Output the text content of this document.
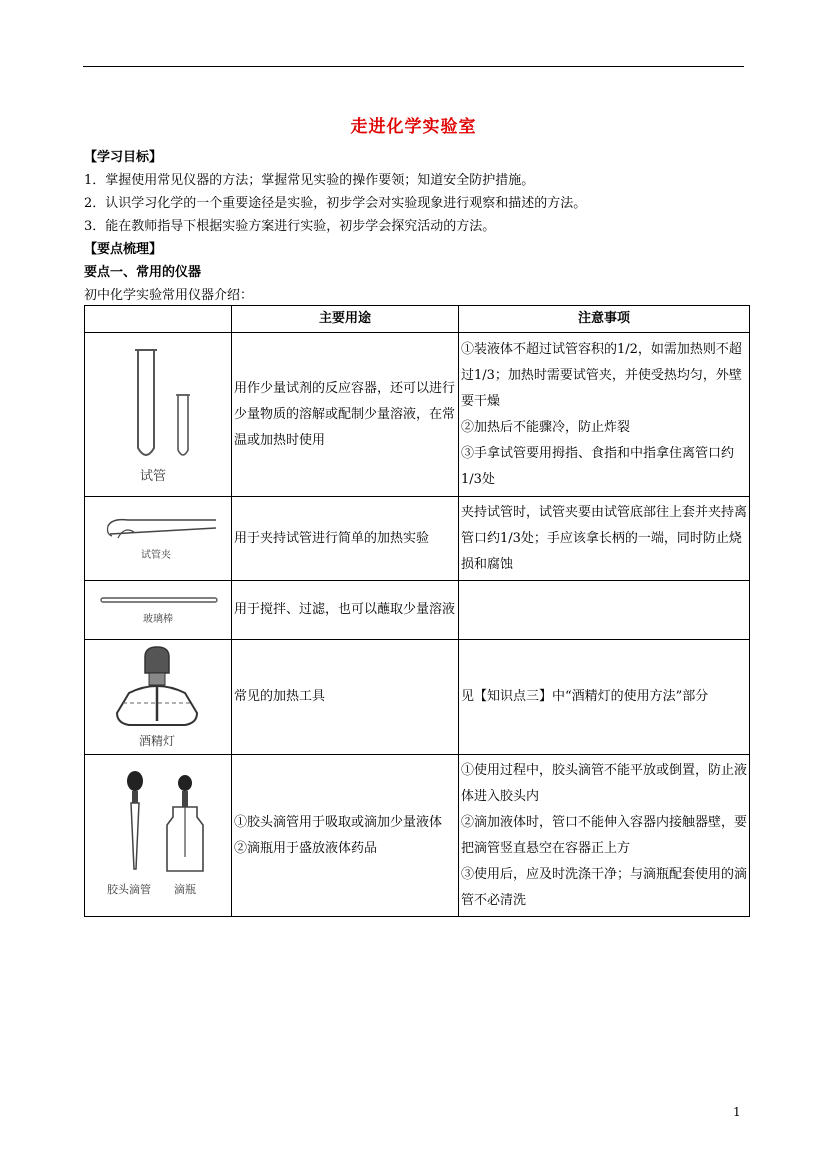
走进化学实验室
【学习目标】
1．掌握使用常见仪器的方法；掌握常见实验的操作要领；知道安全防护措施。
2．认识学习化学的一个重要途径是实验，初步学会对实验现象进行观察和描述的方法。
3．能在教师指导下根据实验方案进行实验，初步学会探究活动的方法。
【要点梳理】
要点一、常用的仪器
初中化学实验常用仪器介绍：
	主要用途	注意事项

试管	用作少量试剂的反应容器，还可以进行少量物质的溶解或配制少量溶液，在常温或加热时使用	①装液体不超过试管容积的1/2，如需加热则不超过1/3；加热时需要试管夹，并使受热均匀，外壁要干燥
②加热后不能骤冷，防止炸裂
③手拿试管要用拇指、食指和中指拿住离管口约1/3处

试管夹	用于夹持试管进行简单的加热实验	夹持试管时，试管夹要由试管底部往上套并夹持离管口约1/3处；手应该拿长柄的一端，同时防止烧损和腐蚀

玻璃棒	用于搅拌、过滤，也可以蘸取少量溶液	

酒精灯	常见的加热工具	见【知识点三】中“酒精灯的使用方法”部分

胶头滴管 滴瓶	①胶头滴管用于吸取或滴加少量液体
②滴瓶用于盛放液体药品	①使用过程中，胶头滴管不能平放或倒置，防止液体进入胶头内
②滴加液体时，管口不能伸入容器内接触器壁，要把滴管竖直悬空在容器正上方
③使用后，应及时洗涤干净；与滴瓶配套使用的滴管不必清洗
1
